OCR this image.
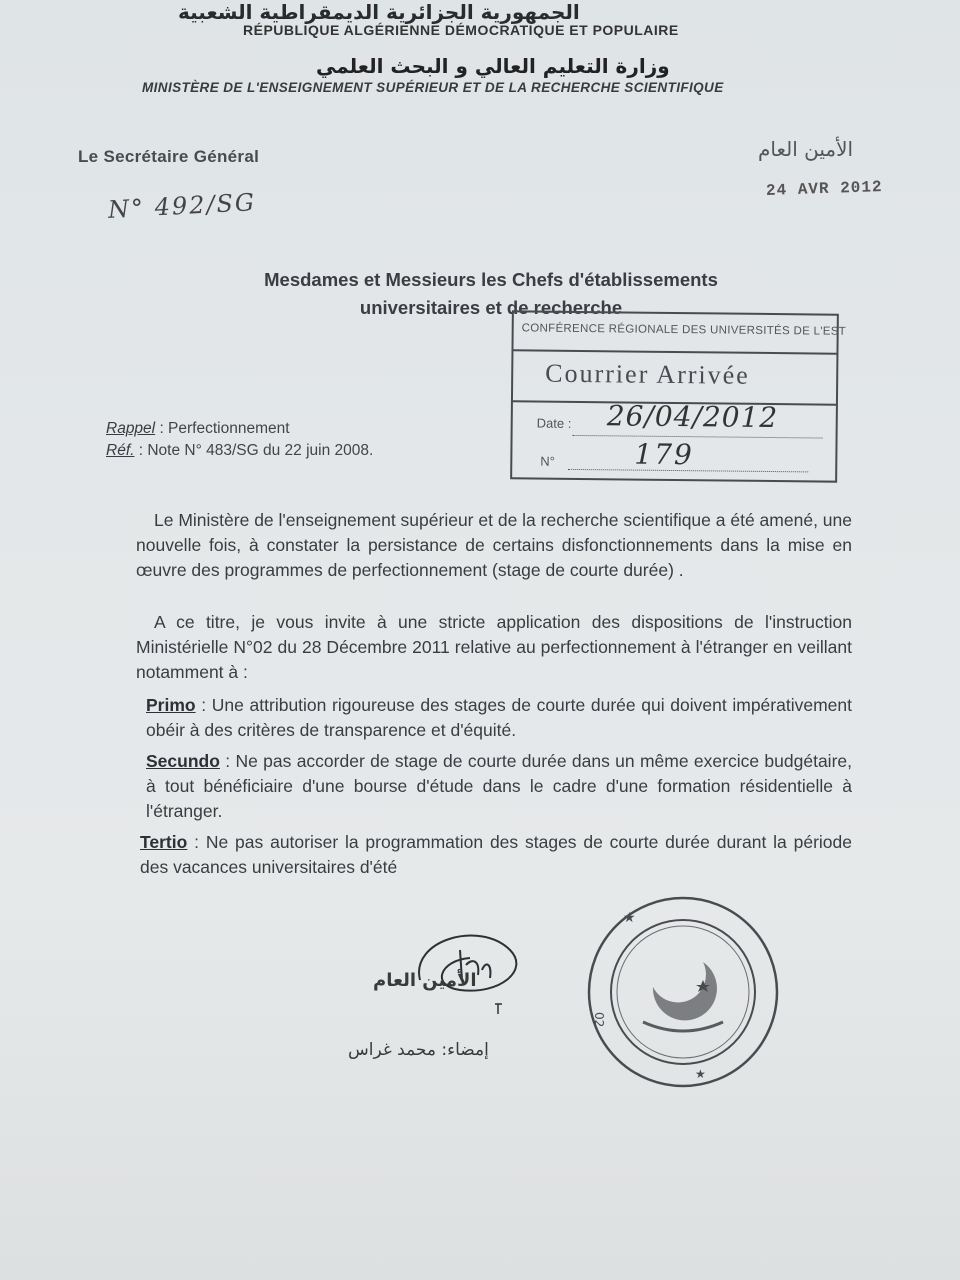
الجمهورية الجزائرية الديمقراطية الشعبية
RÉPUBLIQUE ALGÉRIENNE DÉMOCRATIQUE ET POPULAIRE
وزارة التعليم العالي و البحث العلمي
MINISTÈRE DE L'ENSEIGNEMENT SUPÉRIEUR ET DE LA RECHERCHE SCIENTIFIQUE
Le Secrétaire Général	الأمين العام
24 AVR 2012
N° 492/SG
Mesdames et Messieurs les Chefs d'établissements
universitaires et de recherche
CONFÉRENCE RÉGIONALE DES UNIVERSITÉS DE L'EST
Courrier Arrivée
Date : 26/04/2012
N°	179
Rappel : Perfectionnement
Réf. : Note N° 483/SG du 22 juin 2008.
Le Ministère de l'enseignement supérieur et de la recherche scientifique a été amené, une nouvelle fois, à constater la persistance de certains disfonctionnements dans la mise en œuvre des programmes de perfectionnement (stage de courte durée) .
A ce titre, je vous invite à une stricte application des dispositions de l'instruction Ministérielle N°02 du 28 Décembre 2011 relative au perfectionnement à l'étranger en veillant notamment à :
Primo : Une attribution rigoureuse des stages de courte durée qui doivent impérativement obéir à des critères de transparence et d'équité.
Secundo : Ne pas accorder de stage de courte durée dans un même exercice budgétaire, à tout bénéficiaire d'une bourse d'étude dans le cadre d'une formation résidentielle à l'étranger.
Tertio : Ne pas autoriser la programmation des stages de courte durée durant la période des vacances universitaires d'été
الأمين العام
إمضاء: محمد غراس
★
★
02
